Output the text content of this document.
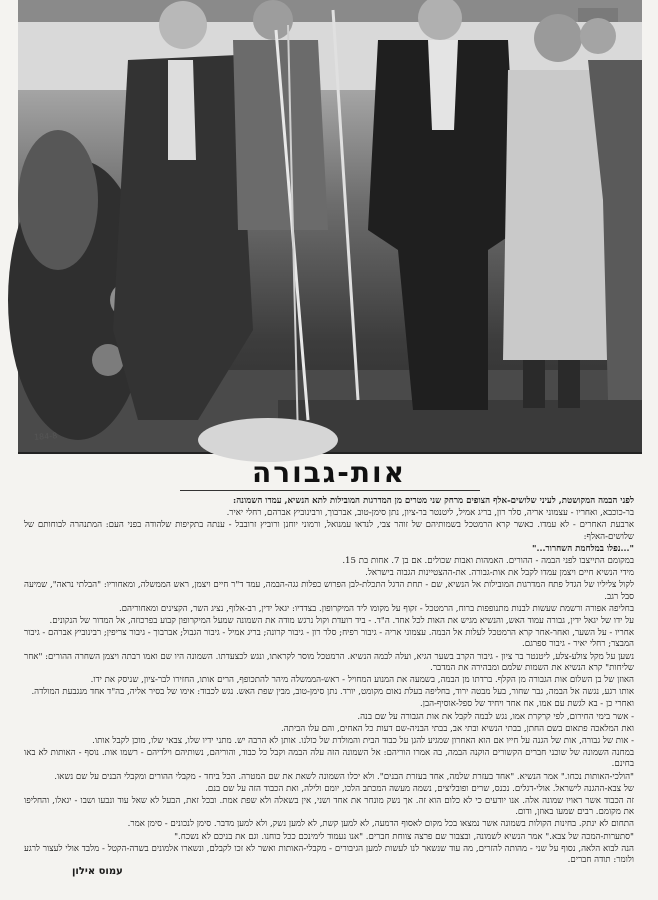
184-8
אות-גבורה

לפני הבמה המקושטת, לעיני שלושים-אלף הצופים מרחק שני מטרים מן המדרגות המובילות לתא הנשיא, עמדו השמונה:

בר-כוכבא, ואחריו - עצמוני אריה, סלר רון, בריג אמיל, ליטנטר בר-ציון, נתן סימן-טוב, אברבוך, ורבינוביץ אברהם, רחלי יאיר.

ארבעת האחרים - לא עמדו. כאשר קרא הרמטכל בשמותיהם של זוהר צבי, לנדאו עמנואל, ורמוני יוחנן ורוביץ זרובבל - ענתה בתקיפות שלהודה בפני העם: המתנהרה לבוחותם של שלושים-האלף:

"...נפלו במלחמת השחרור..."

במקומם התייצבו לפני הבמה - ההורים. האמהות ואבות שכולים. אם בן 7. אחות בת 15.

מידי הנשיא חיים ויצמן עמדו לקבל את אות-גבורה. את-ההצטיינות הגבוה בישראל.

לקול צליליו של הגדל פתח המדרגות המובילות אל הנשיא, שם - תחת הדגל התכלת-לבן הפרוש כפלות גגה-הבמה, עמד ד"ר חיים ויצמן, ראש הממשלה, ומאחוריו: "הבלתי נראה", שמיעה סבל רגב.

בחליפה אפורה ורשמת שעשות לבנות מתנופפות ברוח, הרמטכל - זקוף על מקומו ליד המיקרופון. בצדדיו: יגאל ידין, רב-אלוף, נציג השר, הקצינים ומאחוריהם.

על ידו של יגאל ידין, גבורה עמוד האש, והנשיא מגיש את האות לכל אחד. ה"ד. - ביד רועדת וקול נרגש מודה את השמונה שמעל המיקרופון קבוע בפרכוזה, אל המדור של הנקונים.

אחריו - על השער, ואחר-אחר קרא הרמטכל לעלות אל הבמה. עצמוני אריה - גיבור רפיח; סלר רון - גיבור קרונה; בריג אמיל - גיבור הגבול; אברבוך - גיבור צריפין; רבינוביץ אברהם - גיבור המבצר; רחלי יאיר - גיבור ספרגם.

נשען על מקל צולע-צלע, ליטנטר בר ציון - גיבור הקרב בשער הגיא, ועלה לבמה הנשיא. הרמטכל מוסר לקראתו, ונגש לכצעדתו. השמונה היו שם ואמו רבתה ויצמן השחרה ההורים: "אחר שליחות" קרא הנשיא את השמות שלמם ומבהירה את המדבר.

האוזן של בן השלום אות הגבורה מן הקלף. ברדתו מן הבמה, בשמעה את המנוע המחויל - ראש-הממשלה מיהר להתכופף, הרים אותו, החזירו לבר-ציון, שניסק את ידו.

אותו רגע, נגשה אל הבמה, גבר שחור, בעל מבטה ירוד, בחליפה בעלת נאום מקומט, יורד. נתן סימן-טוב, מבין שפת האש. נגש לכבוד: אימו של בסיר אליה, בה"ד אחד מנגבעת המולדה.

ואחרי כן - בא לגשת עם אמו, אח אחד ויחיד של ספל-אוסיף-הבן.

- אשר בימי החירום, לפי קרקרת אמו, נגש לבמה לקבל את אות הגבורה על שם בנה.

ואת המלאכה פתאום בשם החתן, בבתי הנשיא ובתי אב, בבתי הבניה-שם דעות כל האחים, והם עלו הביתה.

- אות של גבורה, אות של הגנה על חייו אם הוא האחרון שמגיע להגן על כבוד הבית והמולדת של כולנו. אותן לא הרבה יש. מתני ידיו שלו, צבאי שלו, מוכן לקבל אותו.

במחנה השמונה של שוכני חברים הקשורים הוקנה הבמה, בה אמרו הוריהם: אל השמונה הזה עלה הבמה וקבל כל כבוד, והוריהם, נשותיהם וילדיהם - רשמו אות. נוסף - האותות לא באו בחינם.

"הולכי-האותות נכחו." אמר הנשיא. "אחד בעזרת שלמה, אחד בעזרת הבנים". ולא יכלו השמונה לשאת את שם המטרה. הכל ביחד - מקבלי ההורים ומקבלי הבנים על שם נשאו.

של צבא-ההגנה לישראל. אולי-דגלים. נכנס, שרים ופובליצים, נשמה מעשה המכתב הלכו, יומם ולילה, ואת הכבוד הזה על שם בנם.

זה הכבוד אשר ראויו שמונה אלה. אנו יודעים כי לא כלום הוא זה. אך נשק מונחר את אחד ושני, אין בשאלה ולא שפת אמת. ובכל זאת, הבעל לא שאל עוד ונבעו ושבו - יגאלו, והחליפו את מקומם. רבים שמעו באוזן, ודום.

התחום לא ינתק. בחינות הקולות בשמונה אשר נמצאו בכל מקום לאסוף הדמעה, לא למען קשת, לא למען נשק, ולא למען מדבר. סימן לנכונים - סימן אמר.

"סתערות-המכה של צבא." אמר הנשיא לשמונה, ובצבור שם פרצה צווחת חברים. "אנו נעמוד לימינכם ככל כוחנו. וגם את בניכם לא נשכח."

הנה לבוא הלאה, נסוף על שני - מהותה להזרים, מה עוד שנשאר לנו לעשות למען הגיבורים - מקבלי-האותות ואשר לא זכו לקבלם, ונשארו אלמונים בשדה-הקטל - מלבד אולי לעצור לרגע ולומר: תודה חברים.

עמוס אילון
